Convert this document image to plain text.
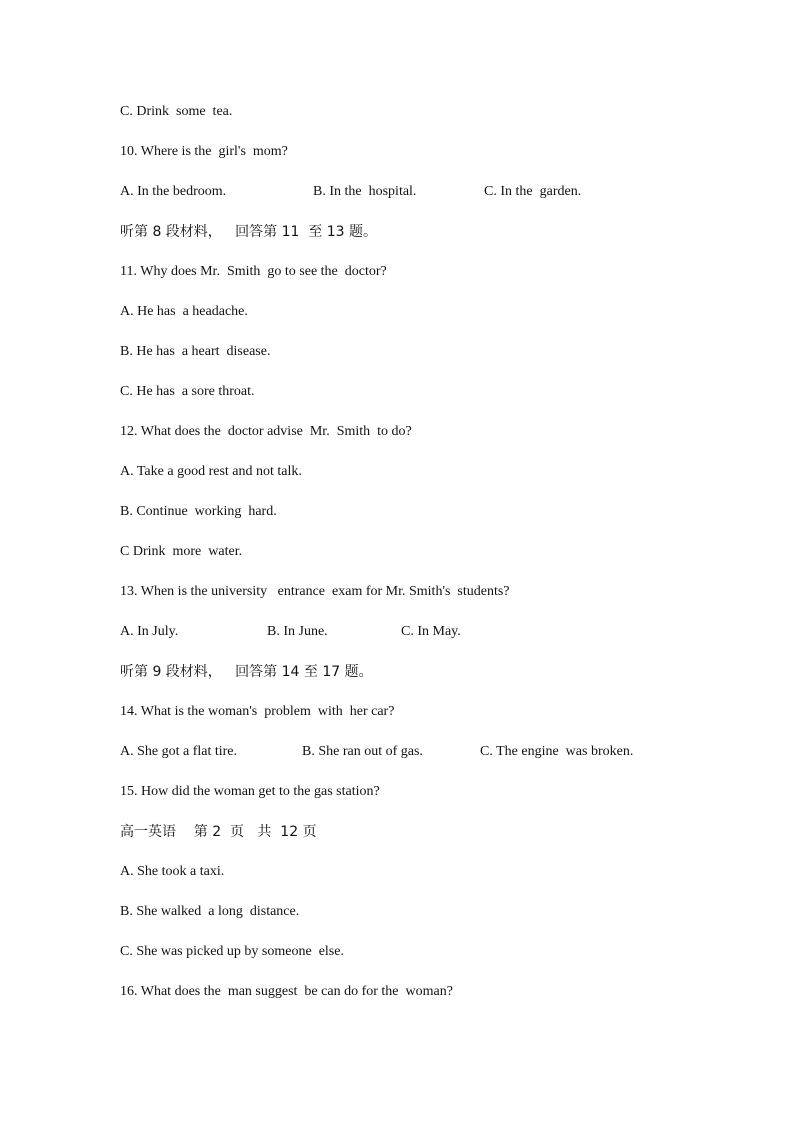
C. Drink  some  tea.

10. Where is the  girl's  mom?

A. In the bedroom.	B. In the  hospital.	C. In the  garden.

听第 8 段材料，   回答第 11  至 13 题。

11. Why does Mr.  Smith  go to see the  doctor?

A. He has  a headache.

B. He has  a heart  disease.

C. He has  a sore throat.

12. What does the  doctor advise  Mr.  Smith  to do?

A. Take a good rest and not talk.

B. Continue  working  hard.

C Drink  more  water.

13. When is the university   entrance  exam for Mr. Smith's  students?

A. In July.	B. In June.	C. In May.

听第 9 段材料，   回答第 14 至 17 题。

14. What is the woman's  problem  with  her car?

A. She got a flat tire.	B. She ran out of gas.	C. The engine  was broken.

15. How did the woman get to the gas station?

高一英语    第 2  页   共  12 页

A. She took a taxi.

B. She walked  a long  distance.

C. She was picked up by someone  else.

16. What does the  man suggest  be can do for the  woman?
